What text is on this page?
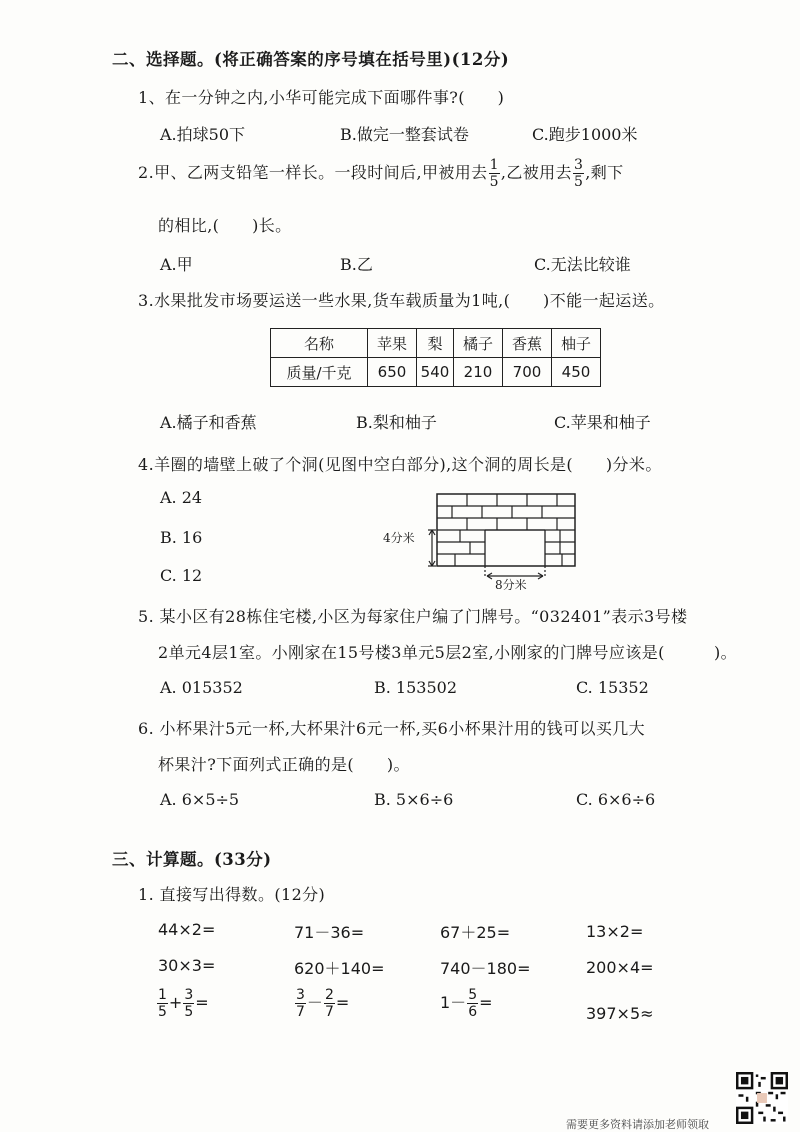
二、选择题。(将正确答案的序号填在括号里)(12分)
1、在一分钟之内,小华可能完成下面哪件事?(　　)
A.拍球50下	B.做完一整套试卷	C.跑步1000米
2.甲、乙两支铅笔一样长。一段时间后,甲被用去 $\frac{1}{5}$ ,乙被用去 $\frac{3}{5}$ ,剩下
的相比,(　　)长。
A.甲	B.乙	C.无法比较谁
3.水果批发市场要运送一些水果,货车载质量为1吨,(　　)不能一起运送。
名称	苹果	梨	橘子	香蕉	柚子
质量/千克	650	540	210	700	450
A.橘子和香蕉	B.梨和柚子	C.苹果和柚子
4.羊圈的墙壁上破了个洞(见图中空白部分),这个洞的周长是(　　)分米。
A. 24
B. 16
C. 12
4分米
8分米
5. 某小区有28栋住宅楼,小区为每家住户编了门牌号。“032401”表示3号楼
2单元4层1室。小刚家在15号楼3单元5层2室,小刚家的门牌号应该是(　　　)。
A. 015352	B. 153502	C. 15352
6. 小杯果汁5元一杯,大杯果汁6元一杯,买6小杯果汁用的钱可以买几大
杯果汁?下面列式正确的是(　　)。
A. 6×5÷5	B. 5×6÷6	C. 6×6÷6
三、计算题。(33分)
1. 直接写出得数。(12分)
44×2=	71－36=	67＋25=	13×2=
30×3=	620＋140=	740－180=	200×4=
$\frac{1}{5} + \frac{3}{5}$ =	$\frac{3}{7} - \frac{2}{7}$ =	$1- \frac{5}{6}$ =
397×5≈
需要更多资料请添加老师领取
